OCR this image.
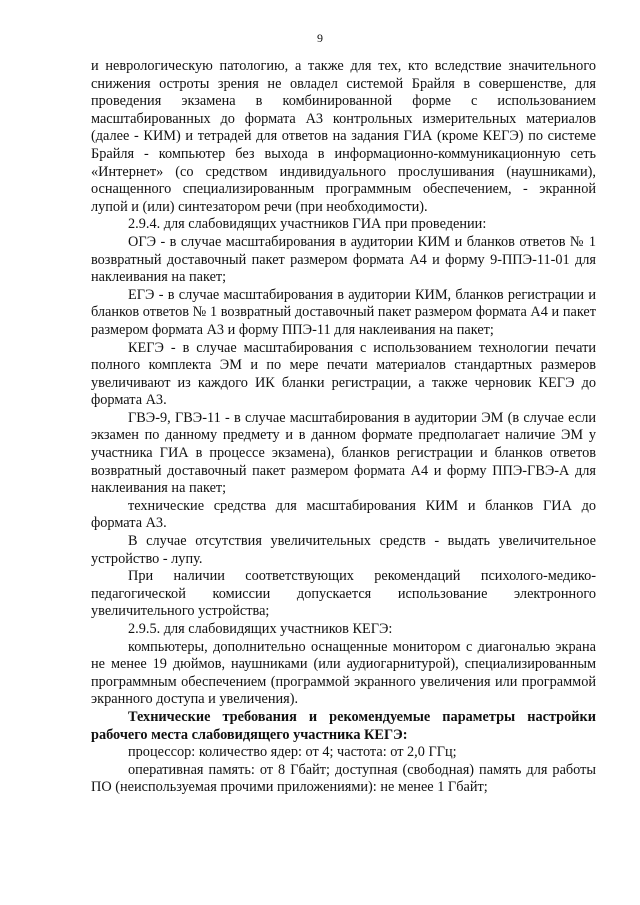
9

и неврологическую патологию, а также для тех, кто вследствие значительного снижения остроты зрения не овладел системой Брайля в совершенстве, для проведения экзамена в комбинированной форме с использованием масштабированных до формата А3 контрольных измерительных материалов (далее - КИМ) и тетрадей для ответов на задания ГИА (кроме КЕГЭ) по системе Брайля - компьютер без выхода в информационно-коммуникационную сеть «Интернет» (со средством индивидуального прослушивания (наушниками), оснащенного специализированным программным обеспечением, - экранной лупой и (или) синтезатором речи (при необходимости).

2.9.4. для слабовидящих участников ГИА при проведении:

ОГЭ - в случае масштабирования в аудитории КИМ и бланков ответов № 1 возвратный доставочный пакет размером формата А4 и форму 9-ППЭ-11-01 для наклеивания на пакет;

ЕГЭ - в случае масштабирования в аудитории КИМ, бланков регистрации и бланков ответов № 1 возвратный доставочный пакет размером формата А4 и пакет размером формата А3 и форму ППЭ-11 для наклеивания на пакет;

КЕГЭ - в случае масштабирования с использованием технологии печати полного комплекта ЭМ и по мере печати материалов стандартных размеров увеличивают из каждого ИК бланки регистрации, а также черновик КЕГЭ до формата А3.

ГВЭ-9, ГВЭ-11 - в случае масштабирования в аудитории ЭМ (в случае если экзамен по данному предмету и в данном формате предполагает наличие ЭМ у участника ГИА в процессе экзамена), бланков регистрации и бланков ответов возвратный доставочный пакет размером формата А4 и форму ППЭ-ГВЭ-А для наклеивания на пакет;

технические средства для масштабирования КИМ и бланков ГИА до формата А3.

В случае отсутствия увеличительных средств - выдать увеличительное устройство - лупу.

При наличии соответствующих рекомендаций психолого-медико-педагогической комиссии допускается использование электронного увеличительного устройства;

2.9.5. для слабовидящих участников КЕГЭ:

компьютеры, дополнительно оснащенные монитором с диагональю экрана не менее 19 дюймов, наушниками (или аудиогарнитурой), специализированным программным обеспечением (программой экранного увеличения или программой экранного доступа и увеличения).

Технические требования и рекомендуемые параметры настройки рабочего места слабовидящего участника КЕГЭ:

процессор: количество ядер: от 4; частота: от 2,0 ГГц;

оперативная память: от 8 Гбайт; доступная (свободная) память для работы ПО (неиспользуемая прочими приложениями): не менее 1 Гбайт;
